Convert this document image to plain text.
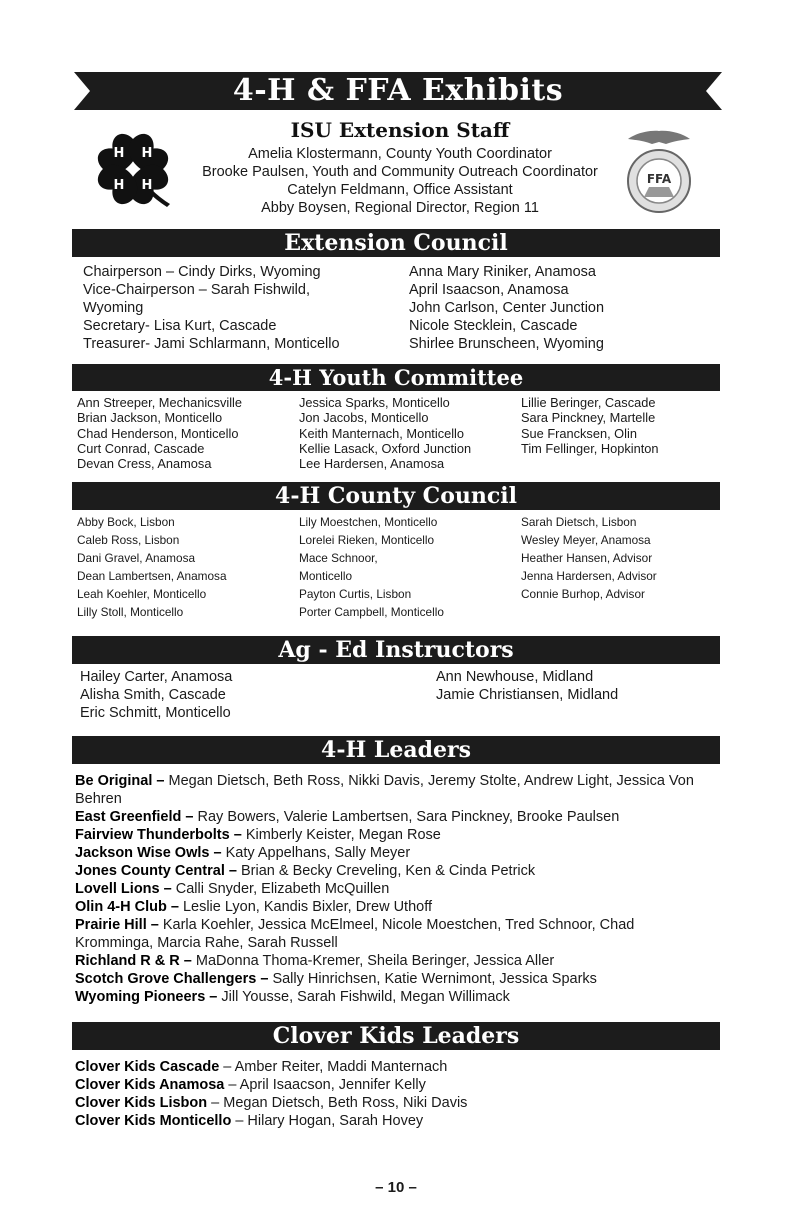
4-H & FFA Exhibits
H H
H H	FFA
ISU Extension Staff
Amelia Klostermann, County Youth Coordinator
Brooke Paulsen, Youth and Community Outreach Coordinator
Catelyn Feldmann, Office Assistant
Abby Boysen, Regional Director, Region 11
Extension Council
Chairperson – Cindy Dirks, Wyoming
Vice-Chairperson – Sarah Fishwild,
Wyoming
Secretary- Lisa Kurt, Cascade
Treasurer- Jami Schlarmann, Monticello
Anna Mary Riniker, Anamosa
April Isaacson, Anamosa
John Carlson, Center Junction
Nicole Stecklein, Cascade
Shirlee Brunscheen, Wyoming
4-H Youth Committee
Ann Streeper, Mechanicsville
Brian Jackson, Monticello
Chad Henderson, Monticello
Curt Conrad, Cascade
Devan Cress, Anamosa
Jessica Sparks, Monticello
Jon Jacobs, Monticello
Keith Manternach, Monticello
Kellie Lasack, Oxford Junction
Lee Hardersen, Anamosa
Lillie Beringer, Cascade
Sara Pinckney, Martelle
Sue Francksen, Olin
Tim Fellinger, Hopkinton
4-H County Council
Abby Bock, Lisbon
Caleb Ross, Lisbon
Dani Gravel, Anamosa
Dean Lambertsen, Anamosa
Leah Koehler, Monticello
Lilly Stoll, Monticello
Lily Moestchen, Monticello
Lorelei Rieken, Monticello
Mace Schnoor,
Monticello
Payton Curtis, Lisbon
Porter Campbell, Monticello
Sarah Dietsch, Lisbon
Wesley Meyer, Anamosa
Heather Hansen, Advisor
Jenna Hardersen, Advisor
Connie Burhop, Advisor
Ag - Ed Instructors
Hailey Carter, Anamosa
Alisha Smith, Cascade
Eric Schmitt, Monticello
Ann Newhouse, Midland
Jamie Christiansen, Midland
4-H Leaders
Be Original – Megan Dietsch, Beth Ross, Nikki Davis, Jeremy Stolte, Andrew Light, Jessica Von Behren
East Greenfield – Ray Bowers, Valerie Lambertsen, Sara Pinckney, Brooke Paulsen
Fairview Thunderbolts – Kimberly Keister, Megan Rose
Jackson Wise Owls – Katy Appelhans, Sally Meyer
Jones County Central – Brian & Becky Creveling, Ken & Cinda Petrick
Lovell Lions – Calli Snyder, Elizabeth McQuillen
Olin 4-H Club – Leslie Lyon, Kandis Bixler, Drew Uthoff
Prairie Hill – Karla Koehler, Jessica McElmeel, Nicole Moestchen, Tred Schnoor, Chad Kromminga, Marcia Rahe, Sarah Russell
Richland R & R – MaDonna Thoma-Kremer, Sheila Beringer, Jessica Aller
Scotch Grove Challengers – Sally Hinrichsen, Katie Wernimont, Jessica Sparks
Wyoming Pioneers – Jill Yousse, Sarah Fishwild, Megan Willimack
Clover Kids Leaders
Clover Kids Cascade – Amber Reiter, Maddi Manternach
Clover Kids Anamosa – April Isaacson, Jennifer Kelly
Clover Kids Lisbon – Megan Dietsch, Beth Ross, Niki Davis
Clover Kids Monticello – Hilary Hogan, Sarah Hovey
– 10 –
